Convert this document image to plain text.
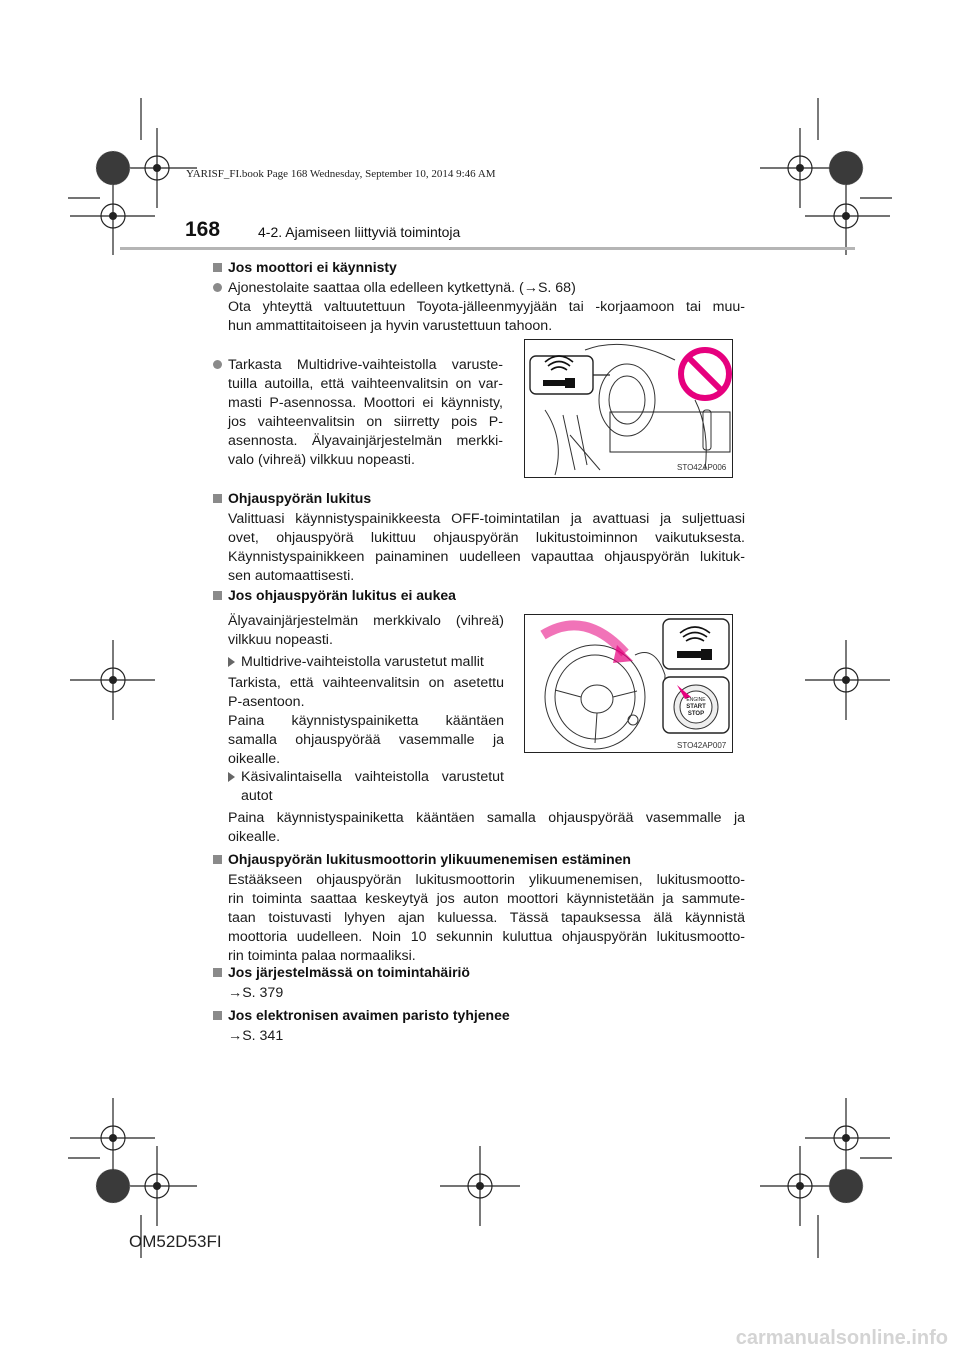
YARISF_FI.book Page 168 Wednesday, September 10, 2014 9:46 AM
168	4-2. Ajamiseen liittyviä toimintoja
Jos moottori ei käynnisty
Ajonestolaite saattaa olla edelleen kytkettynä. (→S. 68)
Ota yhteyttä valtuutettuun Toyota-jälleenmyyjään tai -korjaamoon tai muu-
hun ammattitaitoiseen ja hyvin varustettuun tahoon.
Tarkasta Multidrive-vaihteistolla varuste-
tuilla autoilla, että vaihteenvalitsin on var-
masti P-asennossa. Moottori ei käynnisty,
jos vaihteenvalitsin on siirretty pois P-
asennosta. Älyavainjärjestelmän merkki-
valo (vihreä) vilkkuu nopeasti.	STO42AP006
Ohjauspyörän lukitus
Valittuasi käynnistyspainikkeesta OFF-toimintatilan ja avattuasi ja suljettuasi
ovet, ohjauspyörä lukittuu ohjauspyörän lukitustoiminnon vaikutuksesta.
Käynnistyspainikkeen painaminen uudelleen vapauttaa ohjauspyörän lukituk-
sen automaattisesti.
Jos ohjauspyörän lukitus ei aukea
Älyavainjärjestelmän merkkivalo (vihreä)
vilkkuu nopeasti.
Multidrive-vaihteistolla varustetut mallit
Tarkista, että vaihteenvalitsin on asetettu
P-asentoon.
Paina käynnistyspainiketta kääntäen
samalla ohjauspyörää vasemmalle ja
oikealle.
Käsivalintaisella vaihteistolla varustetut
autot
ENGINE
START
STOP
STO42AP007
Paina käynnistyspainiketta kääntäen samalla ohjauspyörää vasemmalle ja
oikealle.
Ohjauspyörän lukitusmoottorin ylikuumenemisen estäminen
Estääkseen ohjauspyörän lukitusmoottorin ylikuumenemisen, lukitusmootto-
rin toiminta saattaa keskeytyä jos auton moottori käynnistetään ja sammute-
taan toistuvasti lyhyen ajan kuluessa. Tässä tapauksessa älä käynnistä
moottoria uudelleen. Noin 10 sekunnin kuluttua ohjauspyörän lukitusmootto-
rin toiminta palaa normaaliksi.
Jos järjestelmässä on toimintahäiriö
→S. 379
Jos elektronisen avaimen paristo tyhjenee
→S. 341
OM52D53FI
carmanualsonline.info
